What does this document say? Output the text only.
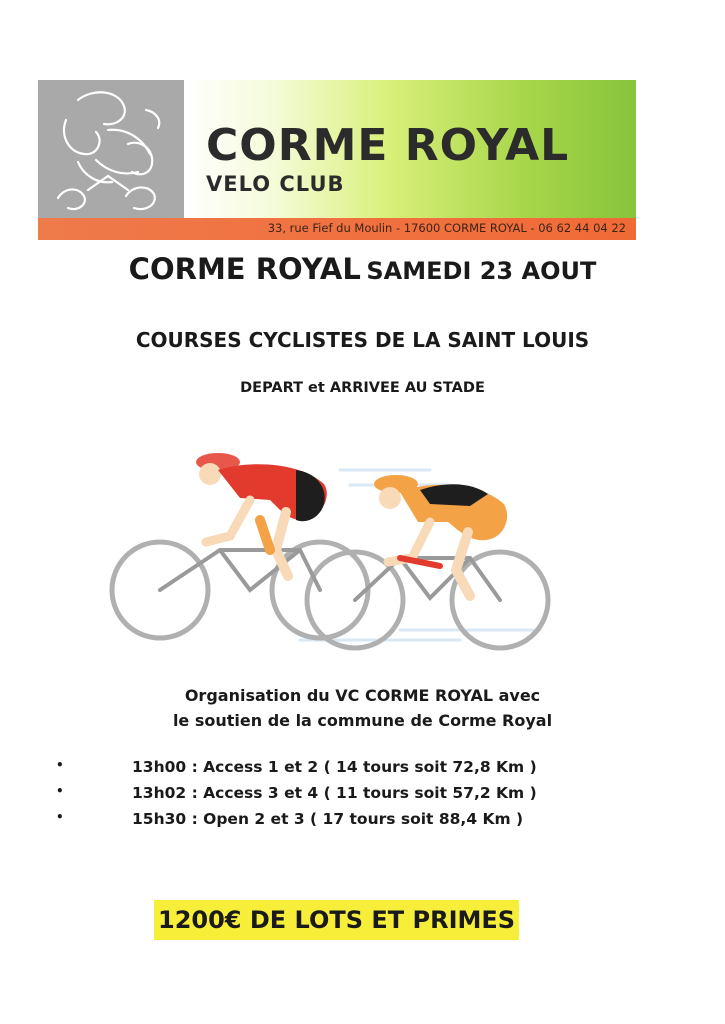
CORME ROYAL
VELO CLUB
33, rue Fief du Moulin - 17600 CORME ROYAL - 06 62 44 04 22
CORME ROYAL SAMEDI 23 AOUT
COURSES CYCLISTES DE LA SAINT LOUIS
DEPART et ARRIVEE AU STADE
Organisation du VC CORME ROYAL avec
le soutien de la commune de Corme Royal
•	13h00 : Access 1 et 2 ( 14 tours soit 72,8 Km )
•	13h02 : Access 3 et 4 ( 11 tours soit 57,2 Km )
•	15h30 : Open 2 et 3 ( 17 tours soit 88,4 Km )
1200€ DE LOTS ET PRIMES
